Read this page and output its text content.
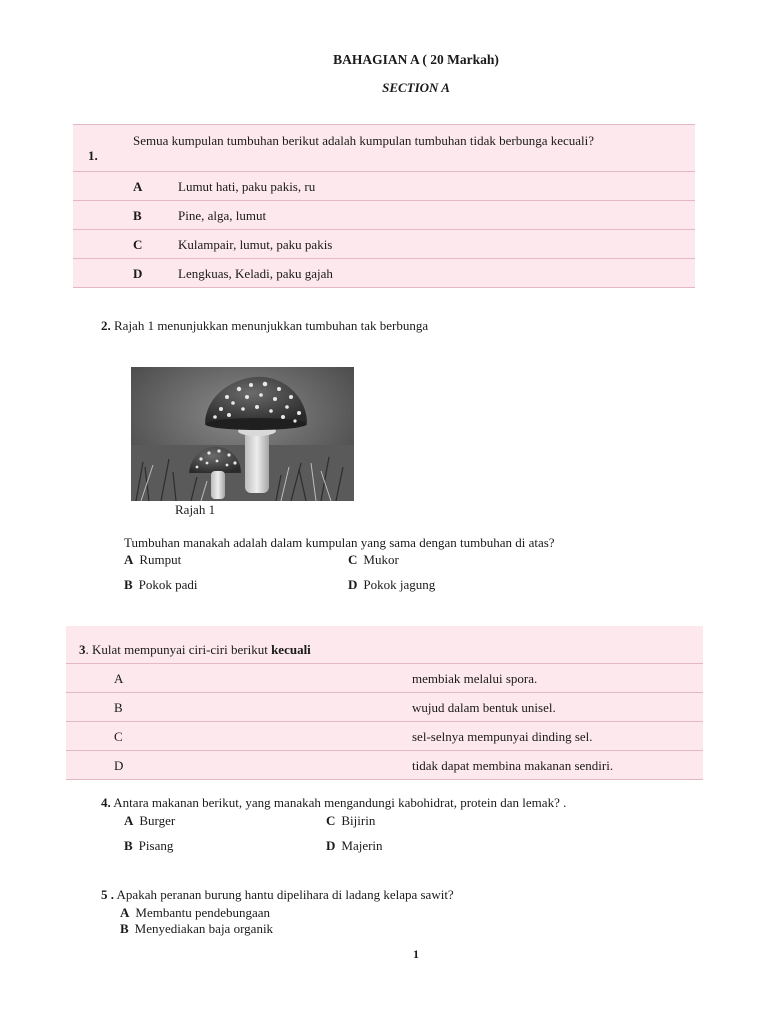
BAHAGIAN A ( 20 Markah)
SECTION A
1.
Semua kumpulan tumbuhan berikut adalah kumpulan tumbuhan tidak berbunga kecuali?
A	Lumut hati, paku pakis, ru
B	Pine, alga, lumut
C	Kulampair, lumut, paku pakis
D	Lengkuas, Keladi, paku gajah
2. Rajah 1 menunjukkan menunjukkan tumbuhan tak berbunga
Rajah 1
Tumbuhan manakah adalah dalam kumpulan yang sama dengan tumbuhan di atas?
A Rumput	C Mukor
B Pokok padi	D Pokok jagung
3. Kulat mempunyai ciri-ciri berikut kecuali
A	membiak melalui spora.
B	wujud dalam bentuk unisel.
C	sel-selnya mempunyai dinding sel.
D	tidak dapat membina makanan sendiri.
4. Antara makanan berikut, yang manakah mengandungi kabohidrat, protein dan lemak? .
A Burger	C Bijirin
B Pisang	D Majerin
5 . Apakah peranan burung hantu dipelihara di ladang kelapa sawit?
A Membantu pendebungaan
B Menyediakan baja organik
1
